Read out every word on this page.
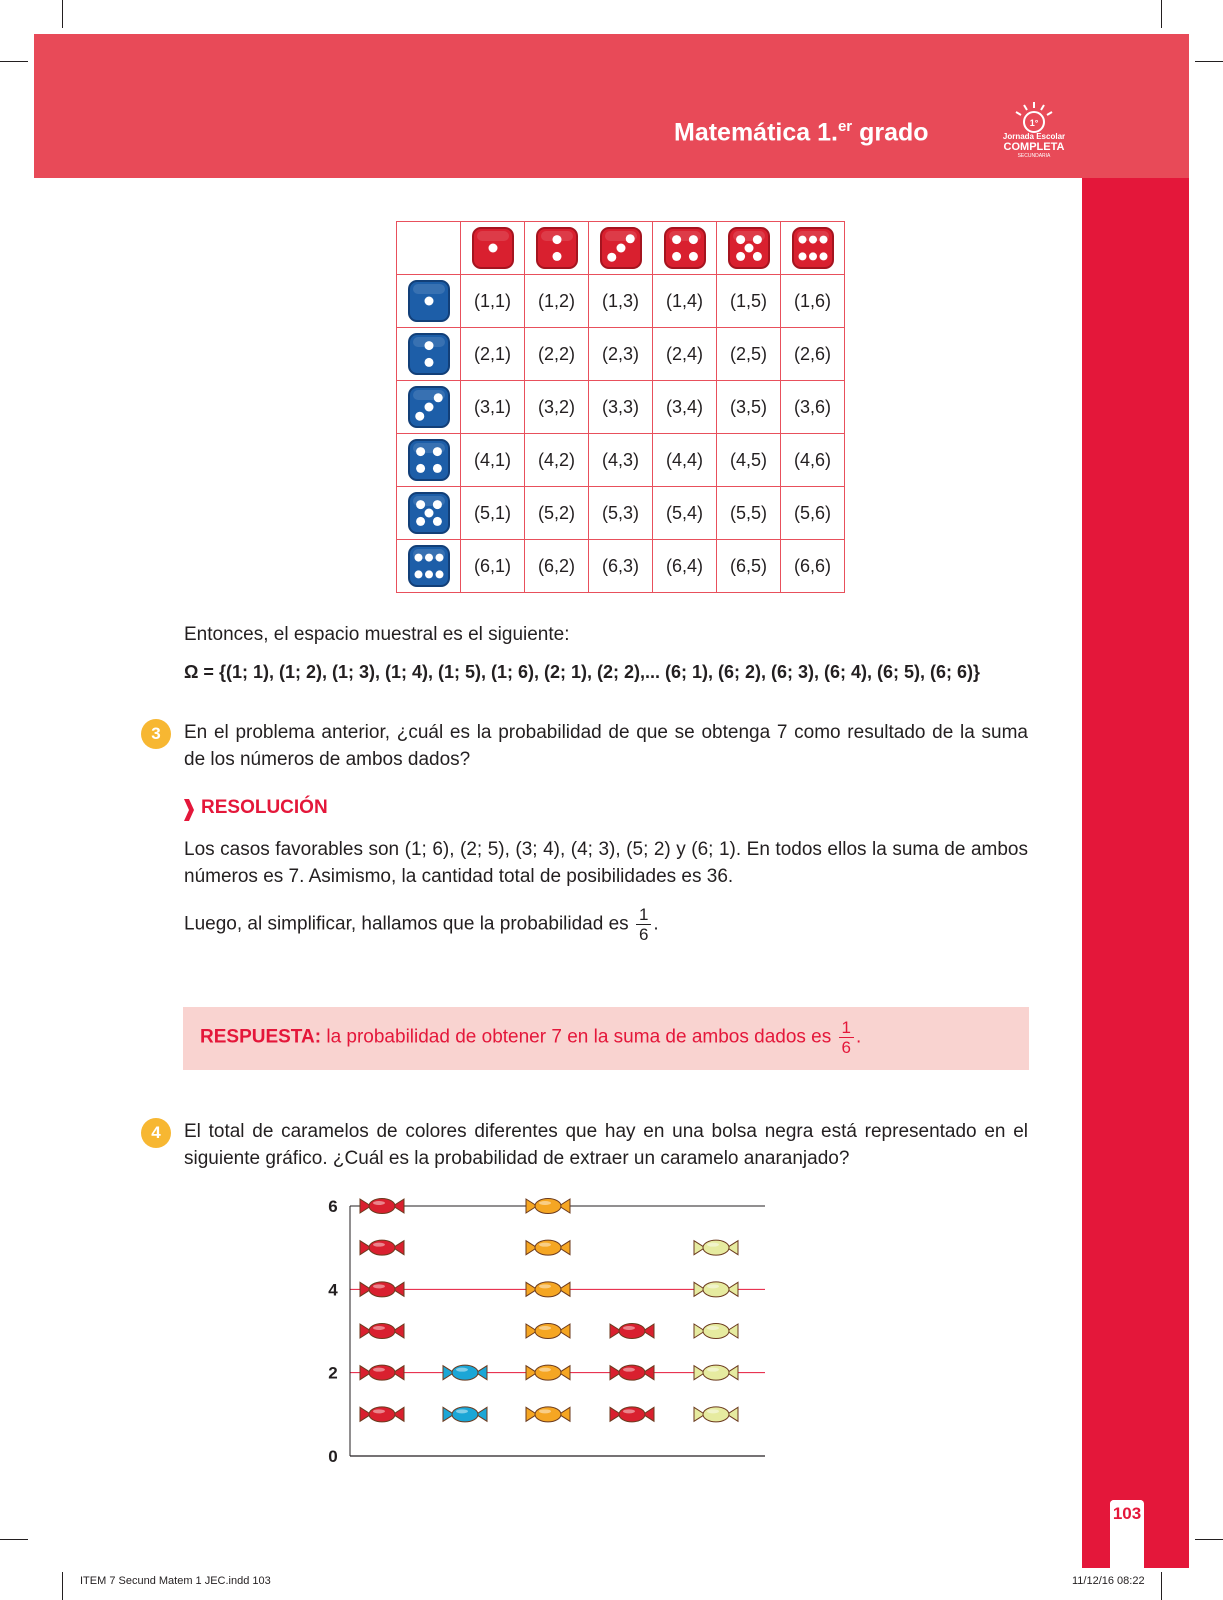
Matemática 1.$^{er}$ grado	1°
Jornada Escolar
COMPLETA
SECUNDARIA
103

	(1,1)	(1,2)	(1,3)	(1,4)	(1,5)	(1,6)

	(2,1)	(2,2)	(2,3)	(2,4)	(2,5)	(2,6)

	(3,1)	(3,2)	(3,3)	(3,4)	(3,5)	(3,6)

	(4,1)	(4,2)	(4,3)	(4,4)	(4,5)	(4,6)

	(5,1)	(5,2)	(5,3)	(5,4)	(5,5)	(5,6)

	(6,1)	(6,2)	(6,3)	(6,4)	(6,5)	(6,6)
Entonces, el espacio muestral es el siguiente:
Ω = {(1; 1), (1; 2), (1; 3), (1; 4), (1; 5), (1; 6), (2; 1), (2; 2),... (6; 1), (6; 2), (6; 3), (6; 4), (6; 5), (6; 6)}
3	En el problema anterior, ¿cuál es la probabilidad de que se obtenga 7 como resultado de la suma de los números de ambos dados?
RESOLUCIÓN
Los casos favorables son (1; 6), (2; 5), (3; 4), (4; 3), (5; 2) y (6; 1). En todos ellos la suma de ambos números es 7. Asimismo, la cantidad total de posibilidades es 36.
Luego, al simplificar, hallamos que la probabilidad es $\frac{1}{6}$ .
RESPUESTA: la probabilidad de obtener 7 en la suma de ambos dados es $\frac{1}{6}$ .
4	El total de caramelos de colores diferentes que hay en una bolsa negra está representado en el siguiente gráfico. ¿Cuál es la probabilidad de extraer un caramelo anaranjado?
0
2
4
6
ITEM 7 Secund Matem 1 JEC.indd 103	11/12/16 08:22
